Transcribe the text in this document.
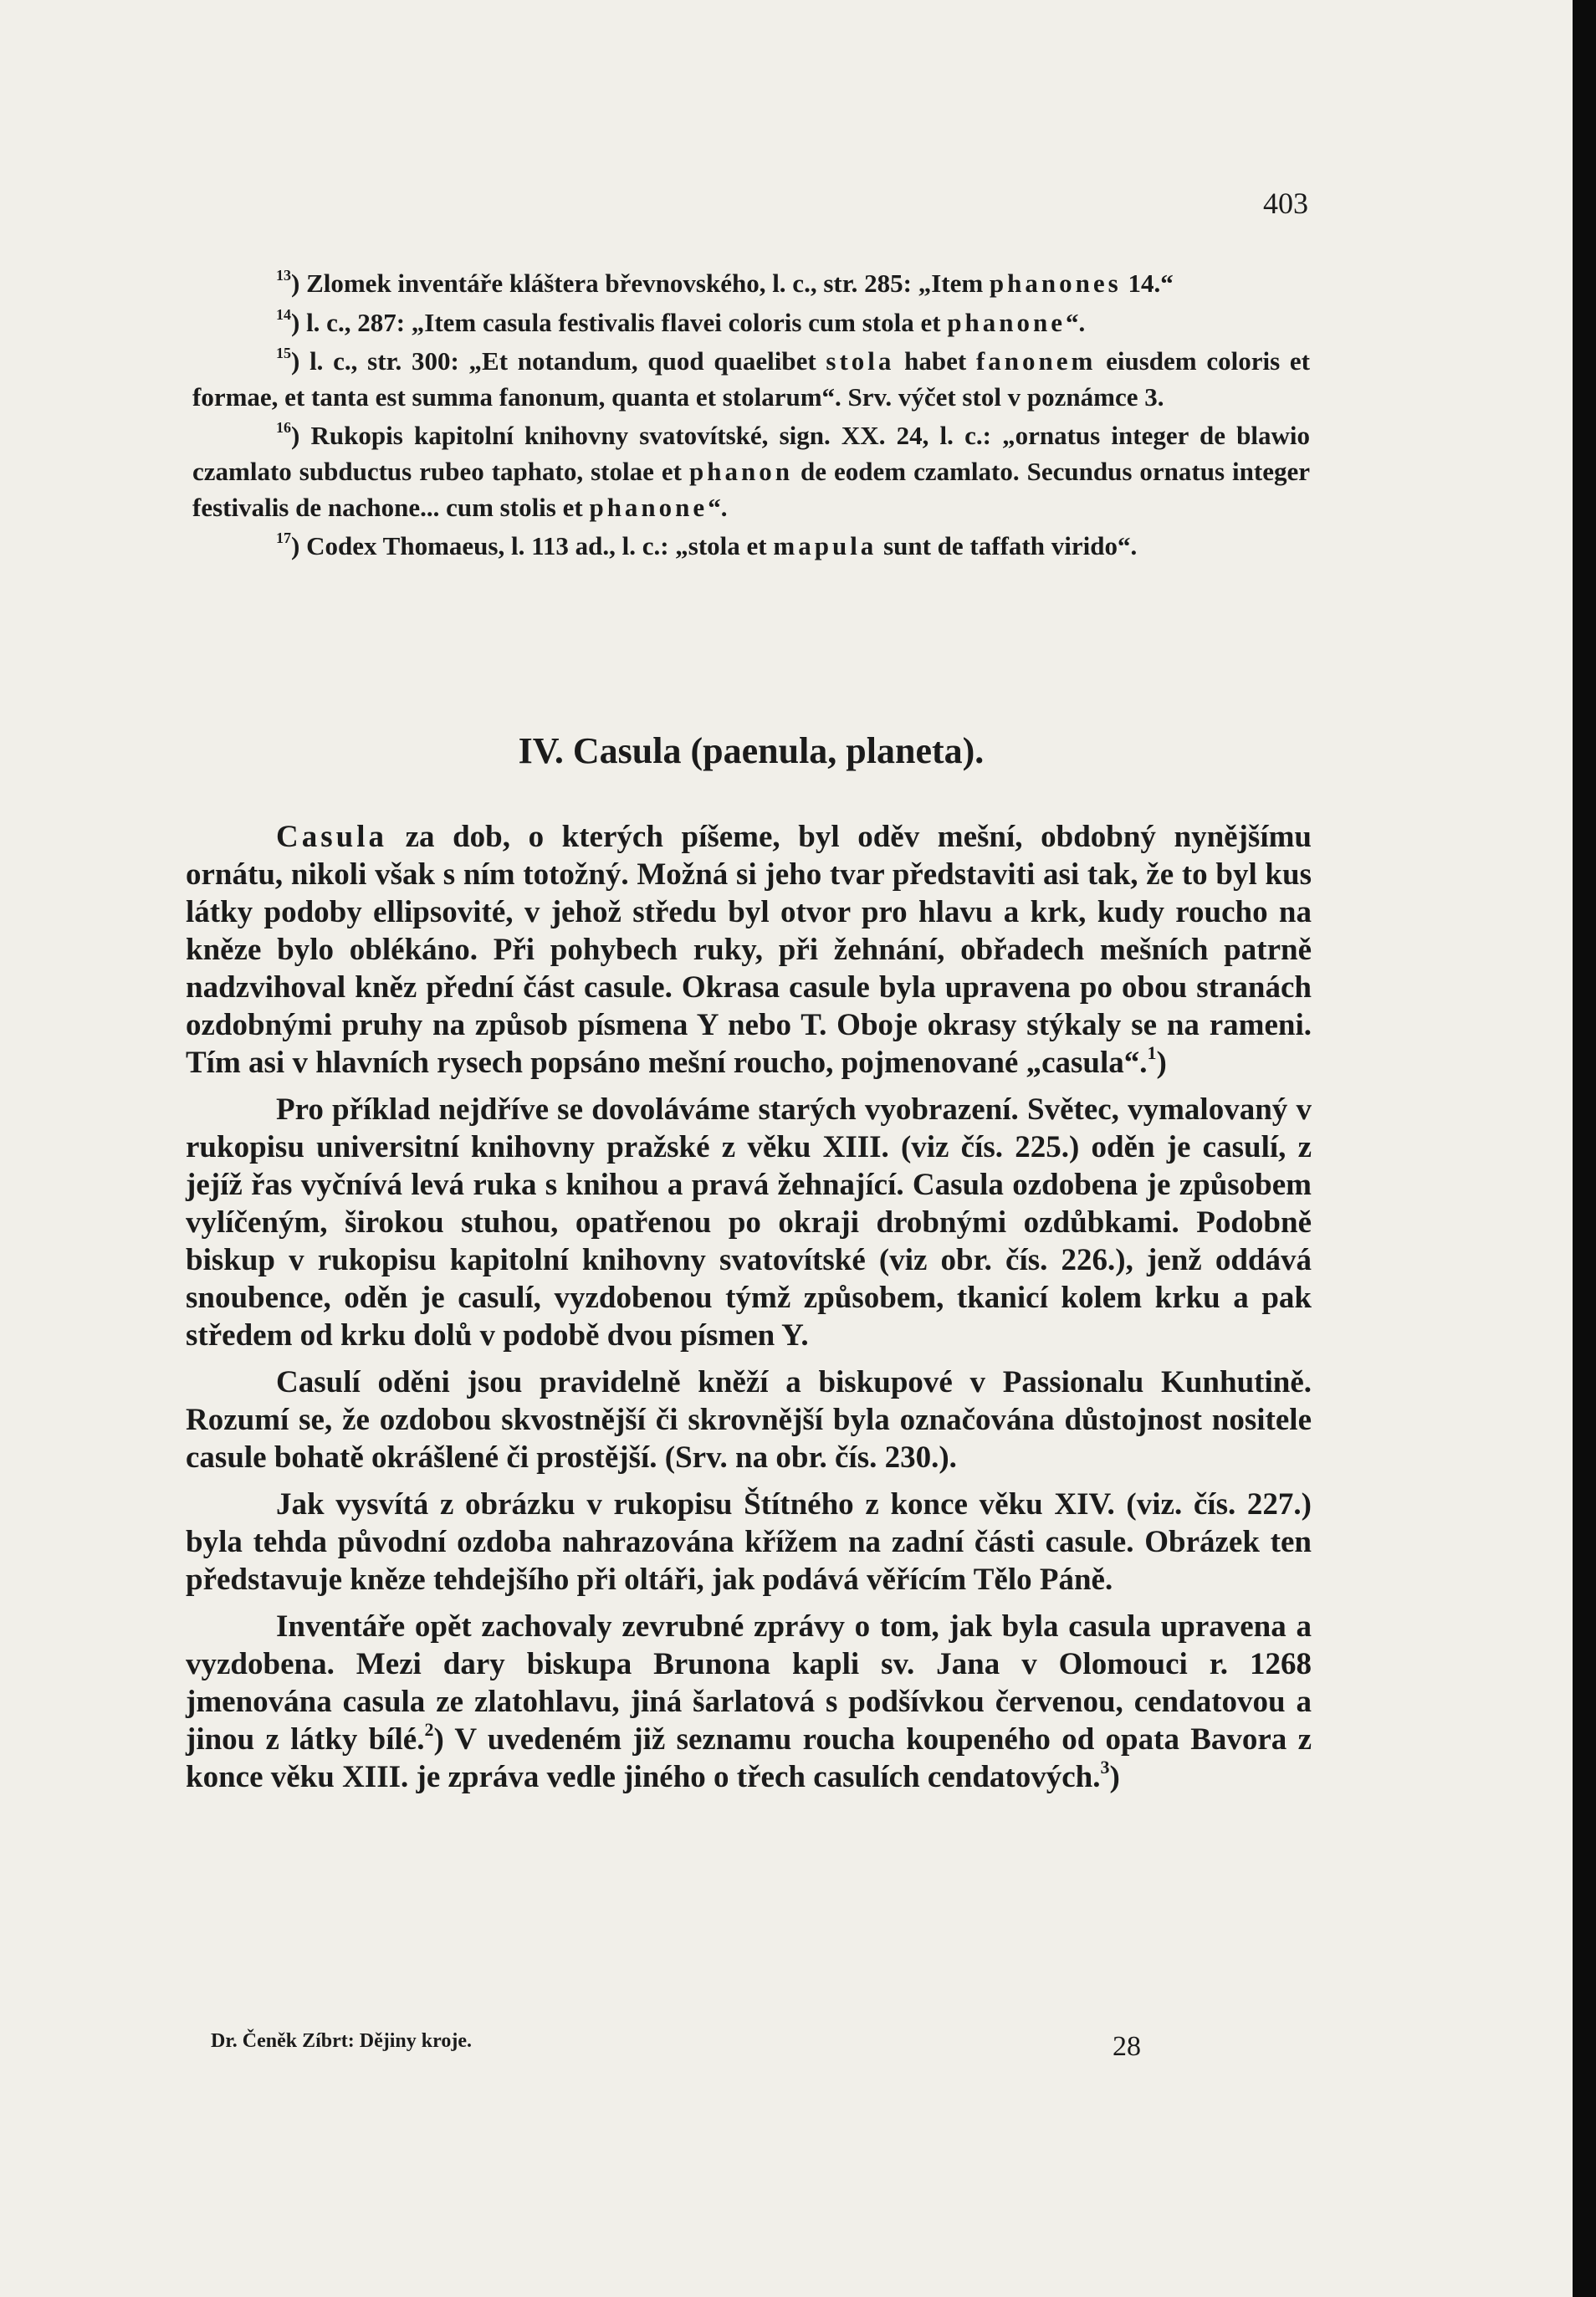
403

$^{13}$) Zlomek inventáře kláštera břevnovského, l. c., str. 285: „Item phanones 14.“

$^{14}$) l. c., 287: „Item casula festivalis flavei coloris cum stola et phanone“.

$^{15}$) l. c., str. 300: „Et notandum, quod quaelibet stola habet fanonem eiusdem coloris et formae, et tanta est summa fanonum, quanta et stolarum“. Srv. výčet stol v poznámce 3.

$^{16}$) Rukopis kapitolní knihovny svatovítské, sign. XX. 24, l. c.: „ornatus integer de blawio czamlato subductus rubeo taphato, stolae et phanon de eodem czamlato. Secundus ornatus integer festivalis de nachone... cum stolis et phanone“.

$^{17}$) Codex Thomaeus, l. 113 ad., l. c.: „stola et mapula sunt de taffath virido“.

IV. Casula (paenula, planeta).

Casula za dob, o kterých píšeme, byl oděv mešní, obdobný nynějšímu ornátu, nikoli však s ním totožný. Možná si jeho tvar představiti asi tak, že to byl kus látky podoby ellipsovité, v jehož středu byl otvor pro hlavu a krk, kudy roucho na kněze bylo oblékáno. Při pohybech ruky, při žehnání, obřadech mešních patrně nadzvihoval kněz přední část casule. Okrasa casule byla upravena po obou stranách ozdobnými pruhy na způsob písmena Y nebo T. Oboje okrasy stýkaly se na rameni. Tím asi v hlavních rysech popsáno mešní roucho, pojmenované „casula“.$^1$)

Pro příklad nejdříve se dovoláváme starých vyobrazení. Světec, vymalovaný v rukopisu universitní knihovny pražské z věku XIII. (viz čís. 225.) oděn je casulí, z jejíž řas vyčnívá levá ruka s knihou a pravá žehnající. Casula ozdobena je způsobem vylíčeným, širokou stuhou, opatřenou po okraji drobnými ozdůbkami. Podobně biskup v rukopisu kapitolní knihovny svatovítské (viz obr. čís. 226.), jenž oddává snoubence, oděn je casulí, vyzdobenou týmž způsobem, tkanicí kolem krku a pak středem od krku dolů v podobě dvou písmen Y.

Casulí oděni jsou pravidelně kněží a biskupové v Passionalu Kunhutině. Rozumí se, že ozdobou skvostnější či skrovnější byla označována důstojnost nositele casule bohatě okrášlené či prostější. (Srv. na obr. čís. 230.).

Jak vysvítá z obrázku v rukopisu Štítného z konce věku XIV. (viz. čís. 227.) byla tehda původní ozdoba nahrazována křížem na zadní části casule. Obrázek ten představuje kněze tehdejšího při oltáři, jak podává věřícím Tělo Páně.

Inventáře opět zachovaly zevrubné zprávy o tom, jak byla casula upravena a vyzdobena. Mezi dary biskupa Brunona kapli sv. Jana v Olomouci r. 1268 jmenována casula ze zlatohlavu, jiná šarlatová s podšívkou červenou, cendatovou a jinou z látky bílé.$^2$) V uvedeném již seznamu roucha koupeného od opata Bavora z konce věku XIII. je zpráva vedle jiného o třech casulích cendatových.$^3$)

Dr. Čeněk Zíbrt: Dějiny kroje.	28
